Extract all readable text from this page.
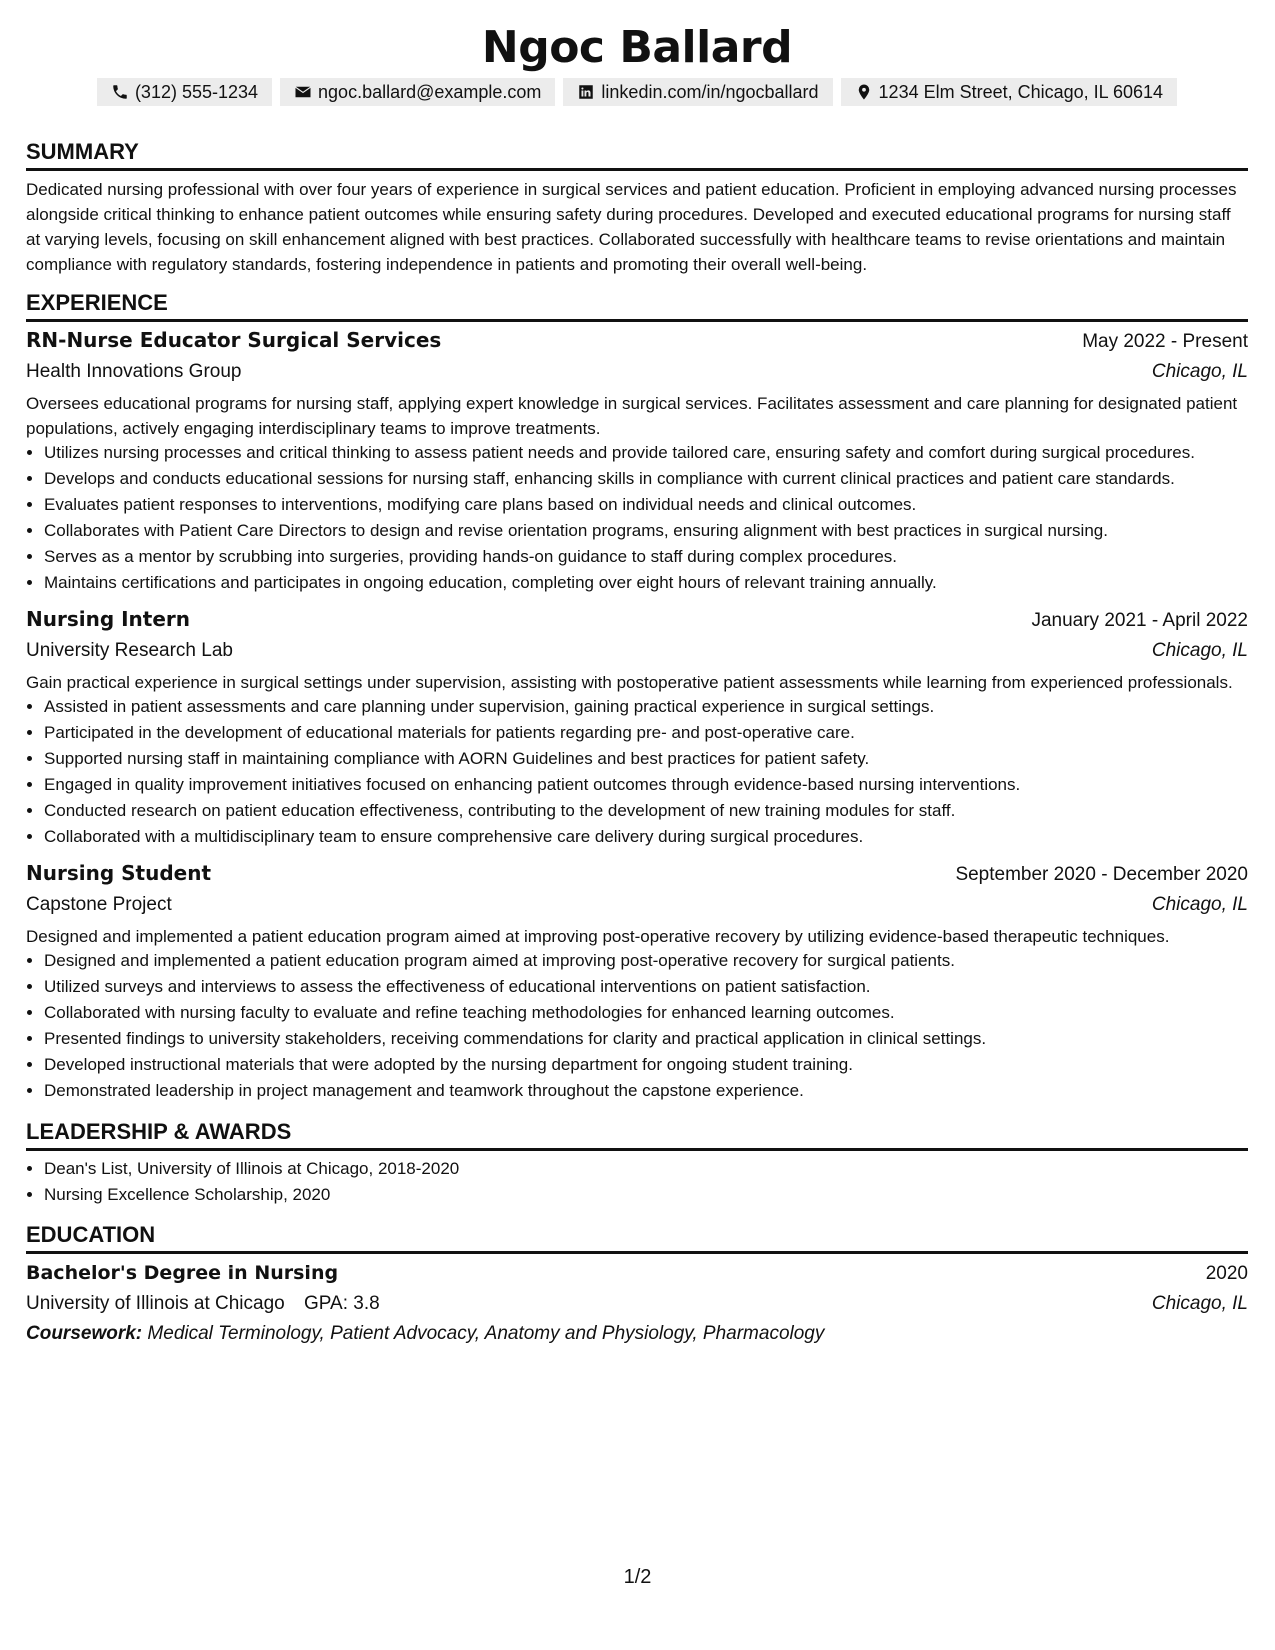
Ngoc Ballard
(312) 555-1234	ngoc.ballard@example.com	linkedin.com/in/ngocballard	1234 Elm Street, Chicago, IL 60614
SUMMARY

Dedicated nursing professional with over four years of experience in surgical services and patient education. Proficient in employing advanced nursing processes alongside critical thinking to enhance patient outcomes while ensuring safety during procedures. Developed and executed educational programs for nursing staff at varying levels, focusing on skill enhancement aligned with best practices. Collaborated successfully with healthcare teams to revise orientations and maintain compliance with regulatory standards, fostering independence in patients and promoting their overall well-being.

EXPERIENCE
RN-Nurse Educator Surgical Services	May 2022 - Present
Health Innovations Group	Chicago, IL
Oversees educational programs for nursing staff, applying expert knowledge in surgical services. Facilitates assessment and care planning for designated patient populations, actively engaging interdisciplinary teams to improve treatments.
• Utilizes nursing processes and critical thinking to assess patient needs and provide tailored care, ensuring safety and comfort during surgical procedures.
• Develops and conducts educational sessions for nursing staff, enhancing skills in compliance with current clinical practices and patient care standards.
• Evaluates patient responses to interventions, modifying care plans based on individual needs and clinical outcomes.
• Collaborates with Patient Care Directors to design and revise orientation programs, ensuring alignment with best practices in surgical nursing.
• Serves as a mentor by scrubbing into surgeries, providing hands-on guidance to staff during complex procedures.
• Maintains certifications and participates in ongoing education, completing over eight hours of relevant training annually.
Nursing Intern	January 2021 - April 2022
University Research Lab	Chicago, IL
Gain practical experience in surgical settings under supervision, assisting with postoperative patient assessments while learning from experienced professionals.
• Assisted in patient assessments and care planning under supervision, gaining practical experience in surgical settings.
• Participated in the development of educational materials for patients regarding pre- and post-operative care.
• Supported nursing staff in maintaining compliance with AORN Guidelines and best practices for patient safety.
• Engaged in quality improvement initiatives focused on enhancing patient outcomes through evidence-based nursing interventions.
• Conducted research on patient education effectiveness, contributing to the development of new training modules for staff.
• Collaborated with a multidisciplinary team to ensure comprehensive care delivery during surgical procedures.
Nursing Student	September 2020 - December 2020
Capstone Project	Chicago, IL
Designed and implemented a patient education program aimed at improving post-operative recovery by utilizing evidence-based therapeutic techniques.
• Designed and implemented a patient education program aimed at improving post-operative recovery for surgical patients.
• Utilized surveys and interviews to assess the effectiveness of educational interventions on patient satisfaction.
• Collaborated with nursing faculty to evaluate and refine teaching methodologies for enhanced learning outcomes.
• Presented findings to university stakeholders, receiving commendations for clarity and practical application in clinical settings.
• Developed instructional materials that were adopted by the nursing department for ongoing student training.
• Demonstrated leadership in project management and teamwork throughout the capstone experience.
LEADERSHIP & AWARDS
• Dean's List, University of Illinois at Chicago, 2018-2020
• Nursing Excellence Scholarship, 2020
EDUCATION
Bachelor's Degree in Nursing	2020
University of Illinois at Chicago GPA: 3.8	Chicago, IL
Coursework: Medical Terminology, Patient Advocacy, Anatomy and Physiology, Pharmacology
1/2
